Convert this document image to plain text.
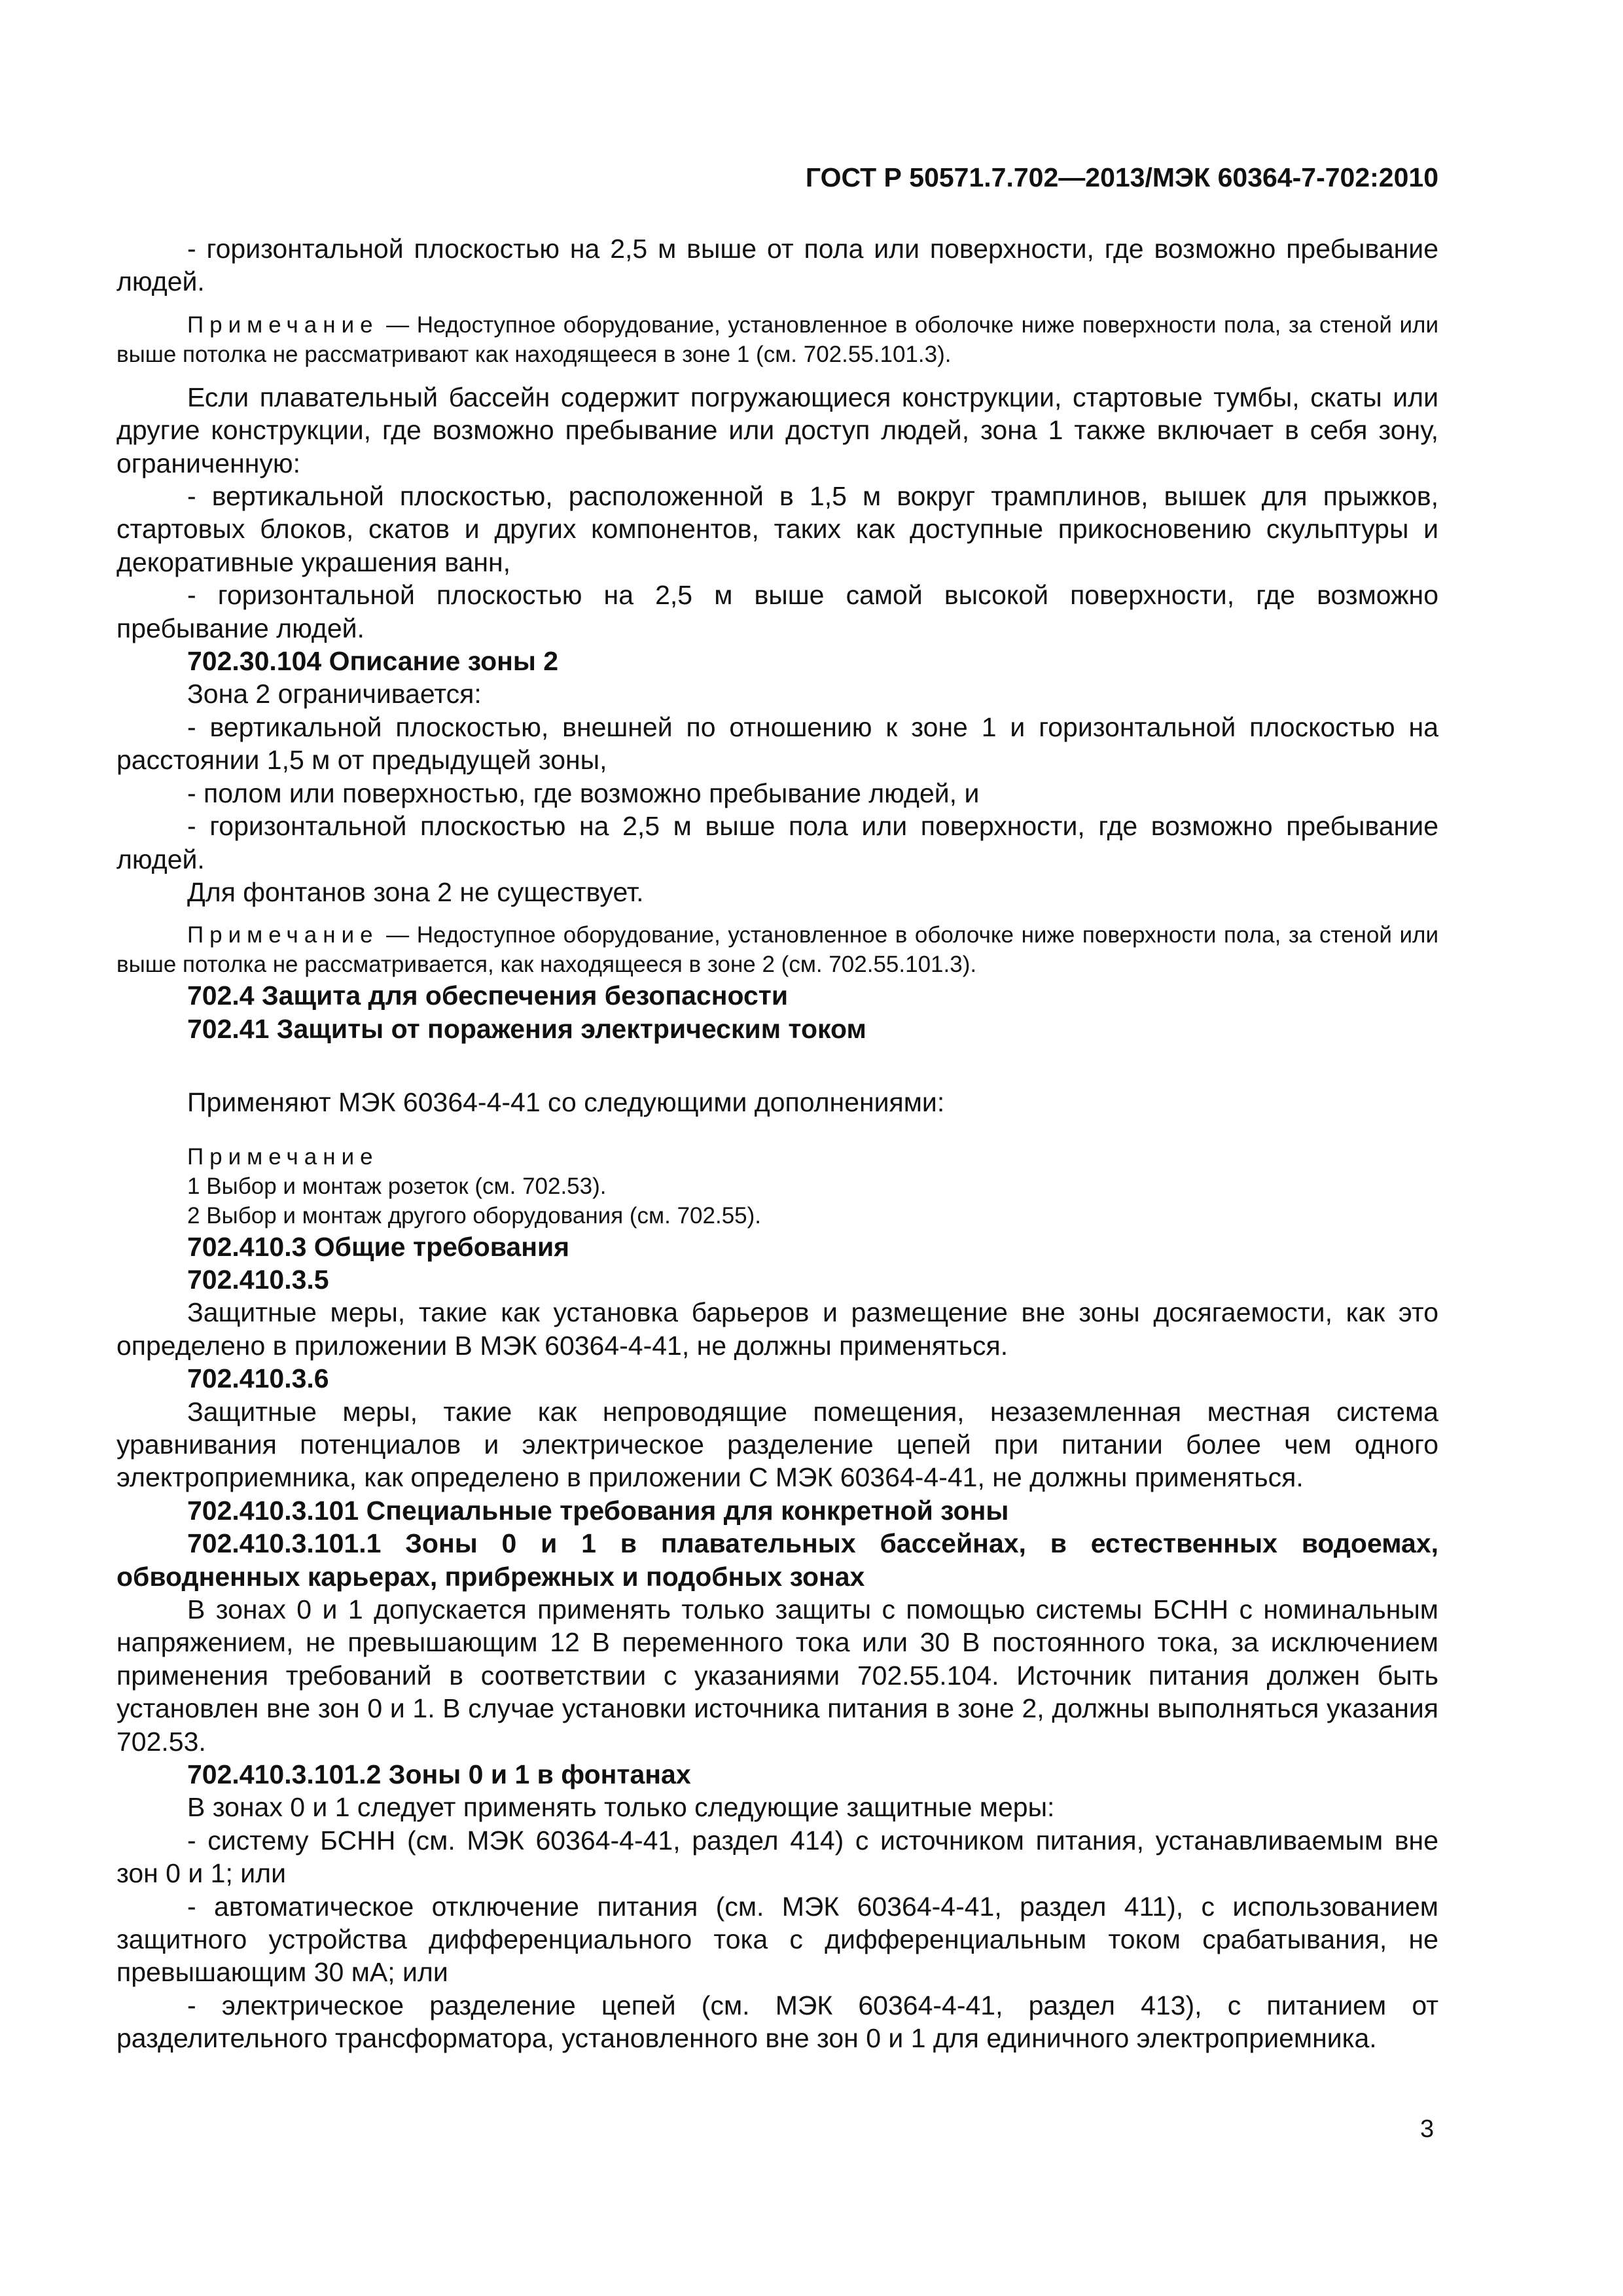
ГОСТ Р 50571.7.702—2013/МЭК 60364-7-702:2010

- горизонтальной плоскостью на 2,5 м выше от пола или поверхности, где возможно пребывание людей.

Примечание — Недоступное оборудование, установленное в оболочке ниже поверхности пола, за стеной или выше потолка не рассматривают как находящееся в зоне 1 (см. 702.55.101.3).

Если плавательный бассейн содержит погружающиеся конструкции, стартовые тумбы, скаты или другие конструкции, где возможно пребывание или доступ людей, зона 1 также включает в себя зону, ограниченную:

- вертикальной плоскостью, расположенной в 1,5 м вокруг трамплинов, вышек для прыжков, стартовых блоков, скатов и других компонентов, таких как доступные прикосновению скульптуры и декоративные украшения ванн,

- горизонтальной плоскостью на 2,5 м выше самой высокой поверхности, где возможно пребывание людей.

702.30.104 Описание зоны 2

Зона 2 ограничивается:

- вертикальной плоскостью, внешней по отношению к зоне 1 и горизонтальной плоскостью на расстоянии 1,5 м от предыдущей зоны,

- полом или поверхностью, где возможно пребывание людей, и

- горизонтальной плоскостью на 2,5 м выше пола или поверхности, где возможно пребывание людей.

Для фонтанов зона 2 не существует.

Примечание — Недоступное оборудование, установленное в оболочке ниже поверхности пола, за стеной или выше потолка не рассматривается, как находящееся в зоне 2 (см. 702.55.101.3).

702.4 Защита для обеспечения безопасности

702.41 Защиты от поражения электрическим током

Применяют МЭК 60364-4-41 со следующими дополнениями:

Примечание

1 Выбор и монтаж розеток (см. 702.53).

2 Выбор и монтаж другого оборудования (см. 702.55).

702.410.3 Общие требования

702.410.3.5

Защитные меры, такие как установка барьеров и размещение вне зоны досягаемости, как это определено в приложении В МЭК 60364-4-41, не должны применяться.

702.410.3.6

Защитные меры, такие как непроводящие помещения, незаземленная местная система уравнивания потенциалов и электрическое разделение цепей при питании более чем одного электроприемника, как определено в приложении С МЭК 60364-4-41, не должны применяться.

702.410.3.101 Специальные требования для конкретной зоны

702.410.3.101.1 Зоны 0 и 1 в плавательных бассейнах, в естественных водоемах, обводненных карьерах, прибрежных и подобных зонах

В зонах 0 и 1 допускается применять только защиты с помощью системы БСНН с номинальным напряжением, не превышающим 12 В переменного тока или 30 В постоянного тока, за исключением применения требований в соответствии с указаниями 702.55.104. Источник питания должен быть установлен вне зон 0 и 1. В случае установки источника питания в зоне 2, должны выполняться указания 702.53.

702.410.3.101.2 Зоны 0 и 1 в фонтанах

В зонах 0 и 1 следует применять только следующие защитные меры:

- систему БСНН (см. МЭК 60364-4-41, раздел 414) с источником питания, устанавливаемым вне зон 0 и 1; или

- автоматическое отключение питания (см. МЭК 60364-4-41, раздел 411), с использованием защитного устройства дифференциального тока с дифференциальным током срабатывания, не превышающим 30 мА; или

- электрическое разделение цепей (см. МЭК 60364-4-41, раздел 413), с питанием от разделительного трансформатора, установленного вне зон 0 и 1 для единичного электроприемника.

3
